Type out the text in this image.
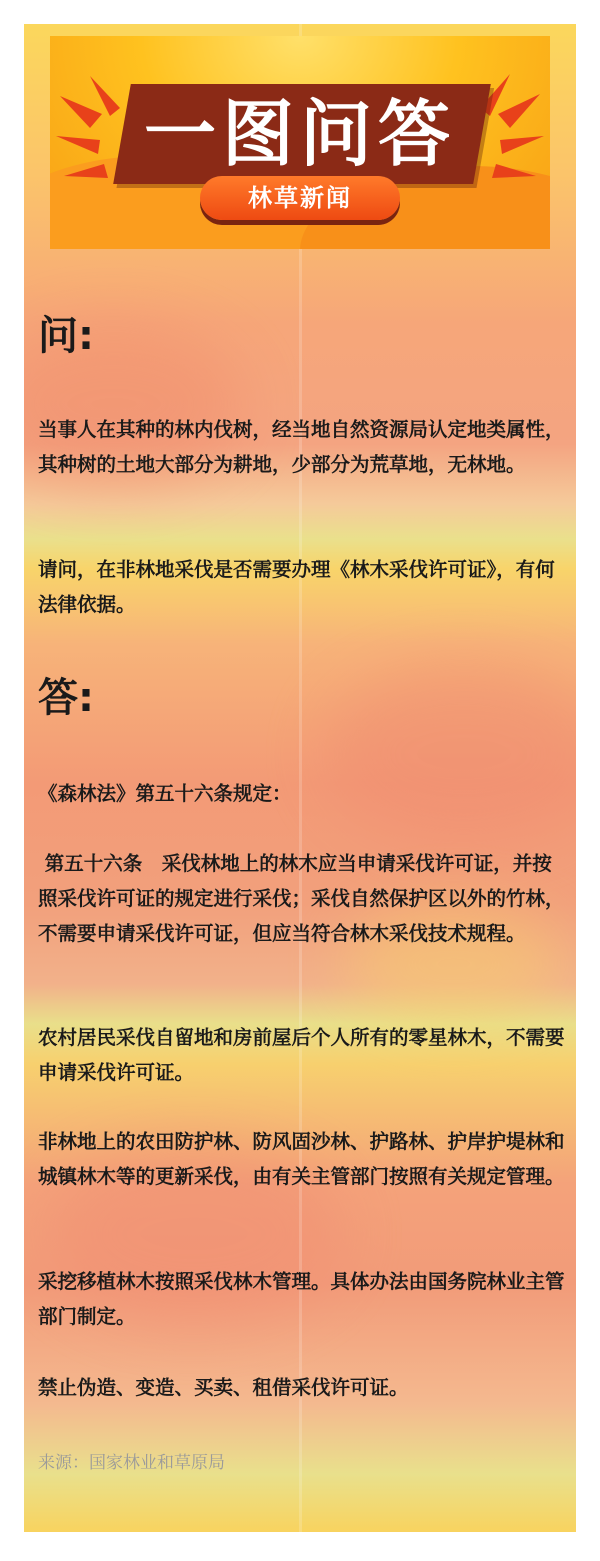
一图问答
林草新闻
问:

当事人在其种的林内伐树，经当地自然资源局认定地类属性，其种树的土地大部分为耕地，少部分为荒草地，无林地。

请问，在非林地采伐是否需要办理《林木采伐许可证》，有何法律依据。

答:

《森林法》第五十六条规定：

第五十六条　采伐林地上的林木应当申请采伐许可证，并按照采伐许可证的规定进行采伐；采伐自然保护区以外的竹林，不需要申请采伐许可证，但应当符合林木采伐技术规程。

农村居民采伐自留地和房前屋后个人所有的零星林木，不需要申请采伐许可证。

非林地上的农田防护林、防风固沙林、护路林、护岸护堤林和城镇林木等的更新采伐，由有关主管部门按照有关规定管理。

采挖移植林木按照采伐林木管理。具体办法由国务院林业主管部门制定。

禁止伪造、变造、买卖、租借采伐许可证。

来源：国家林业和草原局
